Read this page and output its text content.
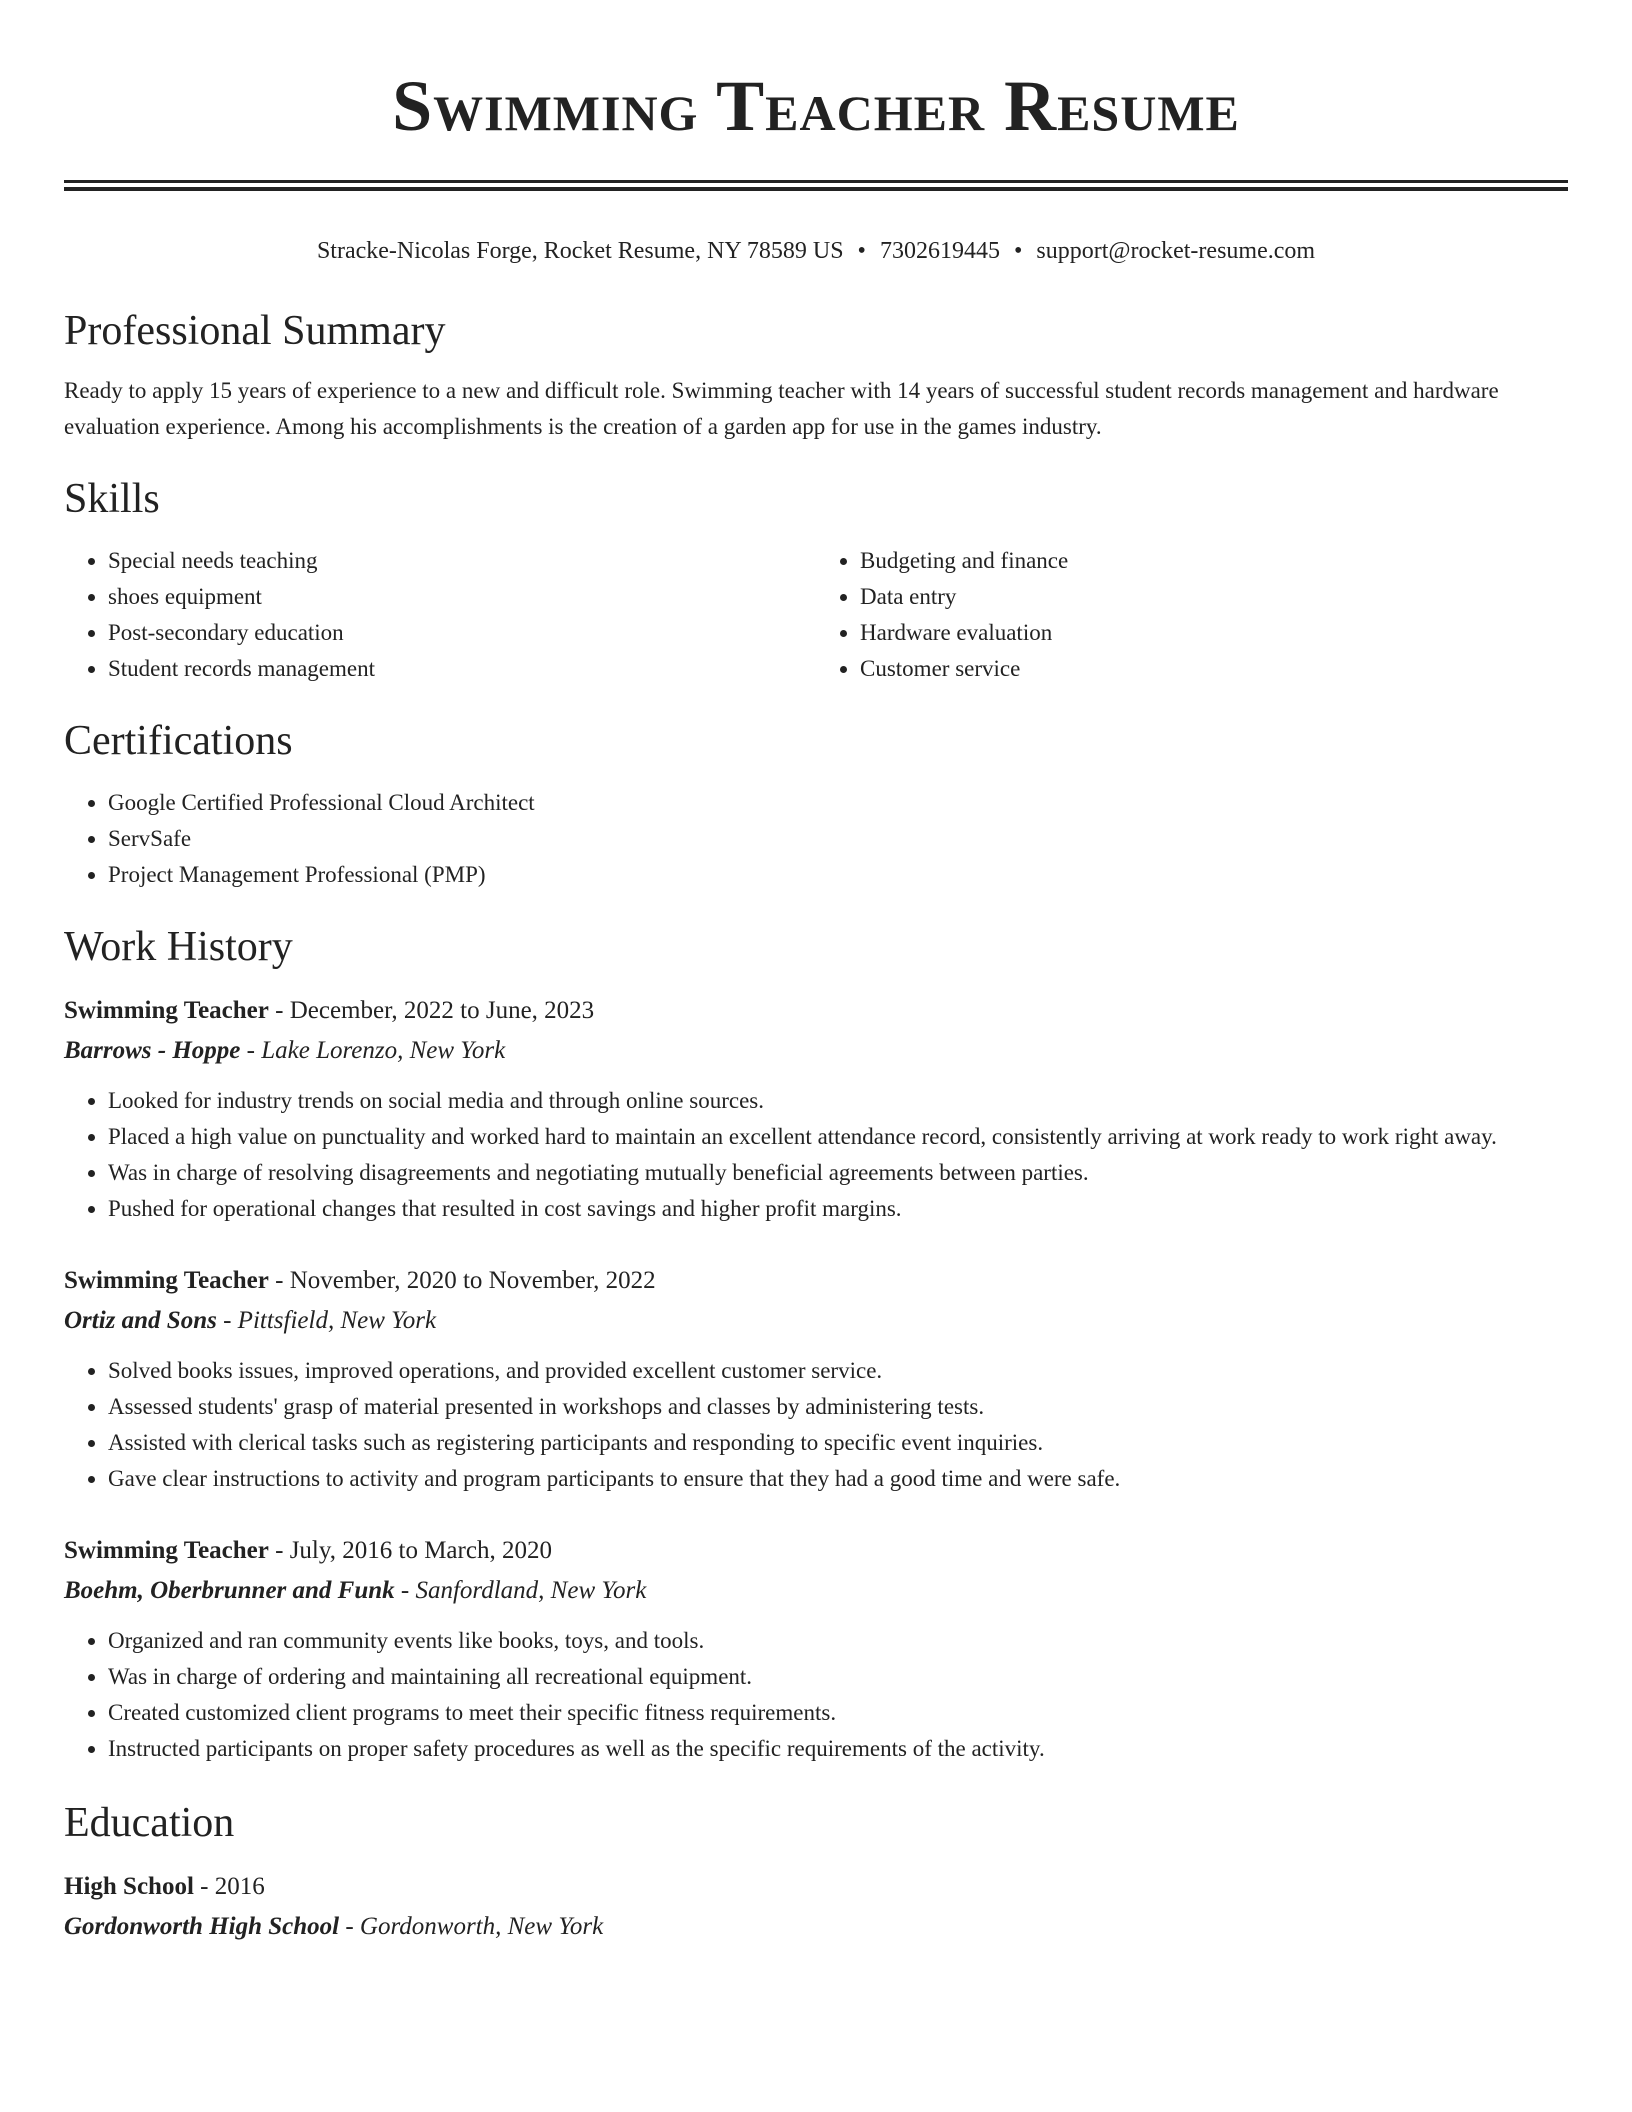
Swimming Teacher Resume
Stracke-Nicolas Forge, Rocket Resume, NY 78589 US • 7302619445 • support@rocket-resume.com
Professional Summary
Ready to apply 15 years of experience to a new and difficult role. Swimming teacher with 14 years of successful student records management and hardware evaluation experience. Among his accomplishments is the creation of a garden app for use in the games industry.
Skills
• Special needs teaching
• shoes equipment
• Post-secondary education
• Student records management
• Budgeting and finance
• Data entry
• Hardware evaluation
• Customer service
Certifications
• Google Certified Professional Cloud Architect
• ServSafe
• Project Management Professional (PMP)
Work History
Swimming Teacher - December, 2022 to June, 2023
Barrows - Hoppe - Lake Lorenzo, New York
• Looked for industry trends on social media and through online sources.
• Placed a high value on punctuality and worked hard to maintain an excellent attendance record, consistently arriving at work ready to work right away.
• Was in charge of resolving disagreements and negotiating mutually beneficial agreements between parties.
• Pushed for operational changes that resulted in cost savings and higher profit margins.
Swimming Teacher - November, 2020 to November, 2022
Ortiz and Sons - Pittsfield, New York
• Solved books issues, improved operations, and provided excellent customer service.
• Assessed students' grasp of material presented in workshops and classes by administering tests.
• Assisted with clerical tasks such as registering participants and responding to specific event inquiries.
• Gave clear instructions to activity and program participants to ensure that they had a good time and were safe.
Swimming Teacher - July, 2016 to March, 2020
Boehm, Oberbrunner and Funk - Sanfordland, New York
• Organized and ran community events like books, toys, and tools.
• Was in charge of ordering and maintaining all recreational equipment.
• Created customized client programs to meet their specific fitness requirements.
• Instructed participants on proper safety procedures as well as the specific requirements of the activity.
Education
High School - 2016
Gordonworth High School - Gordonworth, New York
